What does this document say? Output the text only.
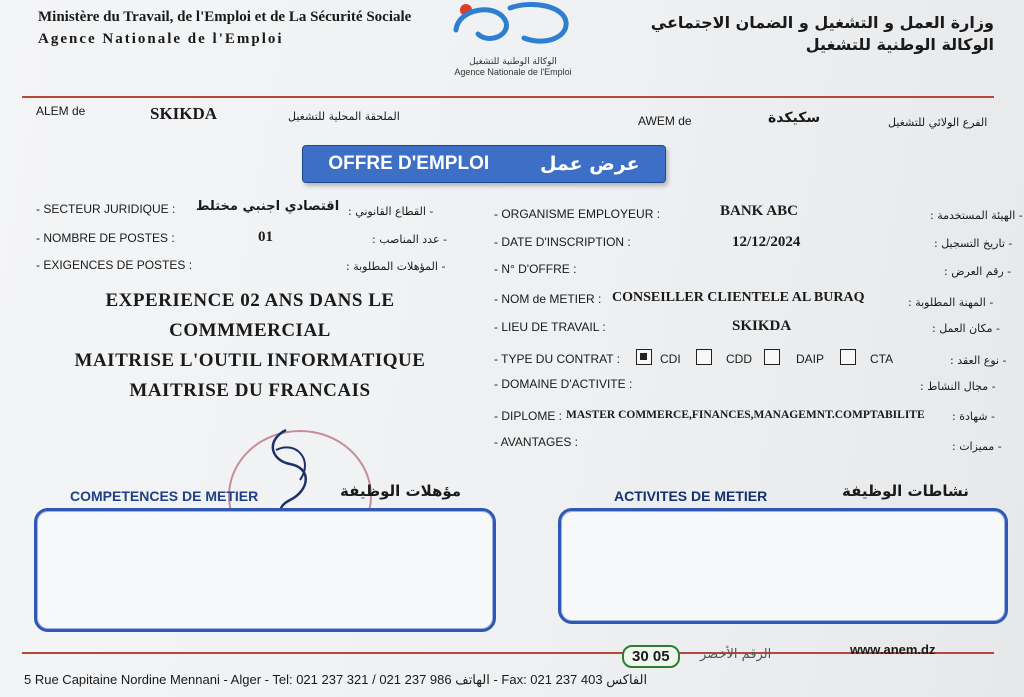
Ministère du Travail, de l'Emploi et de La Sécurité Sociale
Agence Nationale de l'Emploi
الوكالة الوطنية للتشغيل
Agence Nationale de l'Emploi
وزارة العمل و التشغيل و الضمان الاجتماعي
الوكالة الوطنية للتشغيل
ALEM de	SKIKDA	الملحقة المحلية للتشغيل	AWEM de	سكيكدة	الفرع الولائي للتشغيل
OFFRE D'EMPLOI	عرض عمل
- SECTEUR JURIDIQUE : اقتصادي اجنبي مختلط - القطاع القانوني :
- NOMBRE DE POSTES :	01	- عدد المناصب :
- EXIGENCES DE POSTES :	- المؤهلات المطلوبة :
EXPERIENCE 02 ANS DANS LE
COMMMERCIAL
MAITRISE L'OUTIL INFORMATIQUE
MAITRISE DU FRANCAIS
- ORGANISME EMPLOYEUR :	BANK ABC	- الهيئة المستخدمة :
- DATE D'INSCRIPTION :	12/12/2024	- تاريخ التسجيل :
- N° D'OFFRE :	- رقم العرض :
- NOM de METIER : CONSEILLER CLIENTELE AL BURAQ	- المهنة المطلوبة :
- LIEU DE TRAVAIL :	SKIKDA	- مكان العمل :
- TYPE DU CONTRAT :	CDI	CDD	DAIP	CTA	- نوع العقد :
- DOMAINE D'ACTIVITE :	- مجال النشاط :
- DIPLOME : MASTER COMMERCE,FINANCES,MANAGEMNT.COMPTABILITE - شهادة :
- AVANTAGES :	- مميزات :
COMPETENCES DE METIER	مؤهلات الوظيفة	ACTIVITES DE METIER	نشاطات الوظيفة
30 05	الرقم الأخضر	www.anem.dz
5 Rue Capitaine Nordine Mennani - Alger - Tel: 021 237 321 / 021 237 986 الهاتف - Fax: 021 237 403 الفاكس
